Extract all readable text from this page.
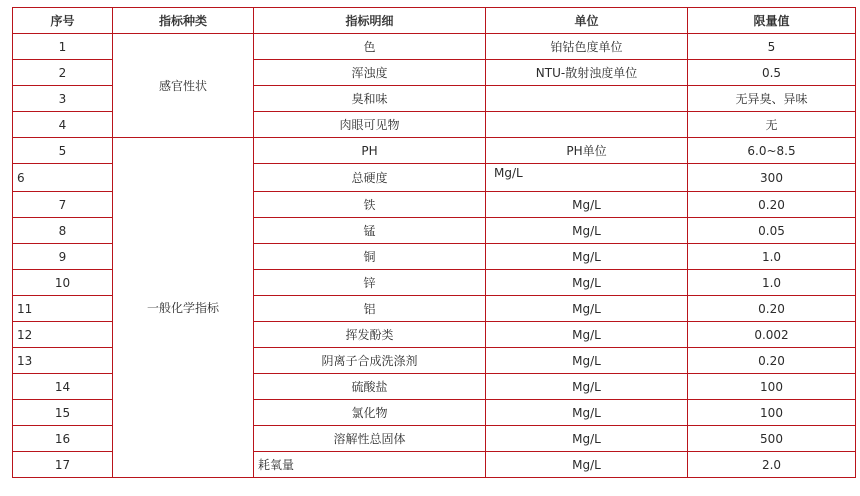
序号	指标种类	指标明细	单位	限量值
1	感官性状	色	铂钴色度单位	5
2		浑浊度	NTU-散射浊度单位	0.5
3		臭和味		无异臭、异味
4		肉眼可见物		无
5	一般化学指标	PH	PH单位	6.0~8.5
6		总硬度	Mg/L	300
7		铁	Mg/L	0.20
8		锰	Mg/L	0.05
9		铜	Mg/L	1.0
10		锌	Mg/L	1.0
11		铝	Mg/L	0.20
12		挥发酚类	Mg/L	0.002
13		阴离子合成洗涤剂	Mg/L	0.20
14		硫酸盐	Mg/L	100
15		氯化物	Mg/L	100
16		溶解性总固体	Mg/L	500
17		耗氧量	Mg/L	2.0
